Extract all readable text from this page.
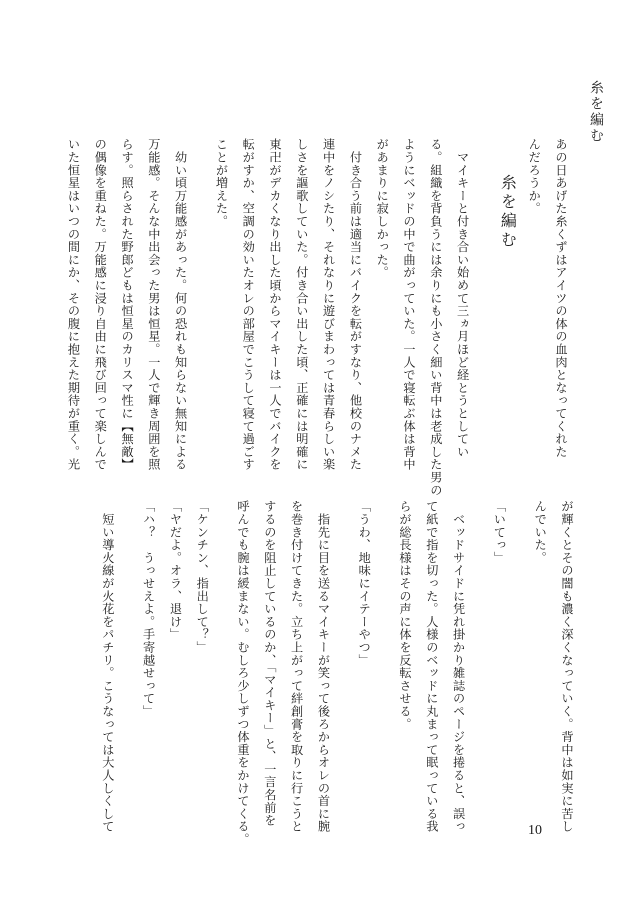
糸を編む
あの日あげた糸くずはアイツの体の血肉となってくれた
んだろうか。
糸を編む
　マイキーと付き合い始めて三ヵ月ほど経とうとしてい
る。組織を背負うには余りにも小さく細い背中は老成した男の
ようにベッドの中で曲がっていた。一人で寝転ぶ体は背中
があまりに寂しかった。
　付き合う前は適当にバイクを転がすなり、他校のナメた
連中をノシたり、それなりに遊びまわっては青春らしい楽
しさを謳歌していた。付き合い出した頃、正確には明確に
東卍がデカくなり出した頃からマイキーは一人でバイクを
転がすか、空調の効いたオレの部屋でこうして寝て過ごす
ことが増えた。
　幼い頃万能感があった。何の恐れも知らない無知による
万能感。そんな中出会った男は恒星。一人で輝き周囲を照
らす。照らされた野郎どもは恒星のカリスマ性に【無敵】
の偶像を重ねた。万能感に浸り自由に飛び回って楽しんで
いた恒星はいつの間にか、その腹に抱えた期待が重く。光
が輝くとその闇も濃く深くなっていく。背中は如実に苦し
んでいた。
「いてっ」
　ベッドサイドに凭れ掛かり雑誌のページを捲ると、誤っ
て紙で指を切った。人様のベッドに丸まって眠っている我
らが総長様はその声に体を反転させる。
「うわ、地味にイテーやつ」
　指先に目を送るマイキーが笑って後ろからオレの首に腕
を巻き付けてきた。立ち上がって絆創膏を取りに行こうと
するのを阻止しているのか、「マイキー」と、一言名前を
呼んでも腕は緩まない。むしろ少しずつ体重をかけてくる。
「ケンチン、指出して？」
「ヤだよ。オラ、退け」
「ハ？　うっせえよ。手寄越せって」
　短い導火線が火花をパチリ。こうなっては大人しくして	10
